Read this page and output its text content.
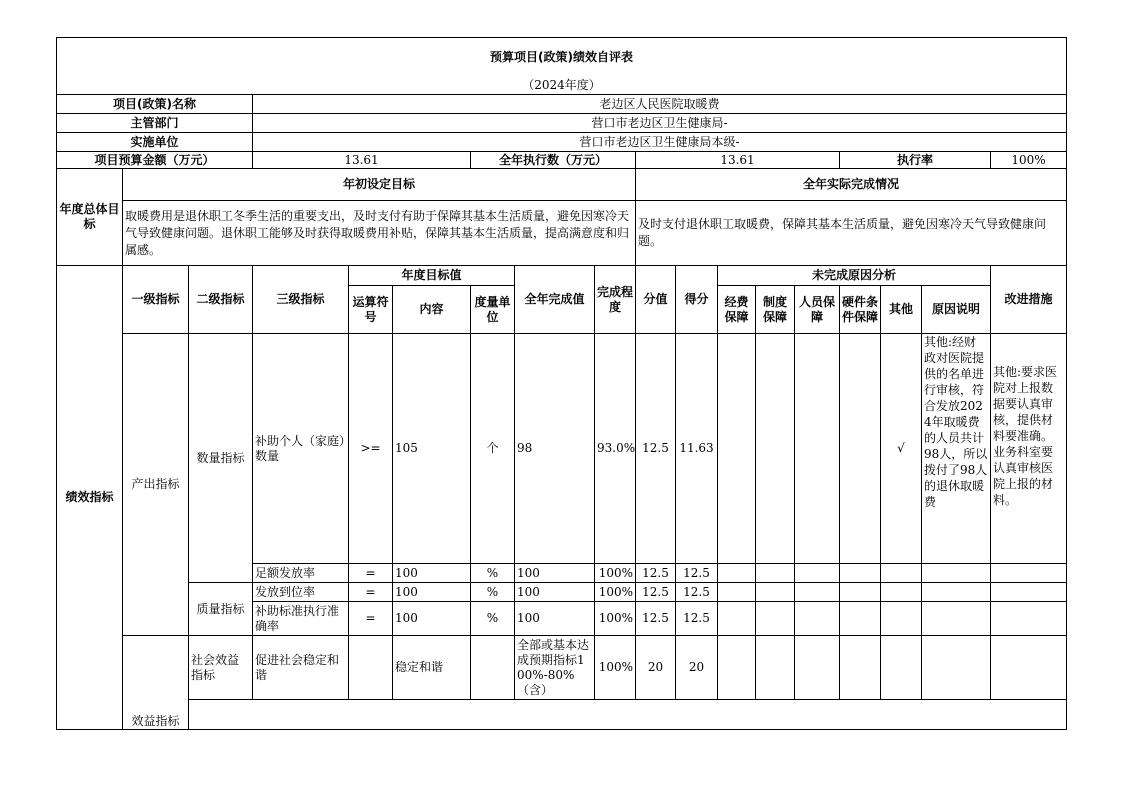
预算项目(政策)绩效自评表																	
（2024年度）																	
项目(政策)名称			老边区人民医院取暖费														
主管部门			营口市老边区卫生健康局-														
实施单位			营口市老边区卫生健康局本级-														
项目预算金额（万元）			13.61			全年执行数（万元）			13.61					执行率			100%
年度总体目标	年初设定目标								全年实际完成情况								
	取暖费用是退休职工冬季生活的重要支出，及时支付有助于保障其基本生活质量，避免因寒冷天气导致健康问题。退休职工能够及时获得取暖费用补贴，保障其基本生活质量，提高满意度和归属感。								及时支付退休职工取暖费，保障其基本生活质量，避免因寒冷天气导致健康问题。								
绩效指标	一级指标	二级指标	三级指标	年度目标值			全年完成值	完成程度	分值	得分	未完成原因分析						改进措施
				运算符号	内容	度量单位					经费保障	制度保障	人员保障	硬件条件保障	其他	原因说明	
	产出指标	数量指标	补助个人（家庭）数量	>=	105	个	98	93.0%	12.5	11.63					√	其他:经财政对医院提供的名单进行审核，符合发放2024年取暖费的人员共计98人，所以拨付了98人的退休取暖费	其他:要求医院对上报数据要认真审核，提供材料要准确。业务科室要认真审核医院上报的材料。
			足额发放率	=	100	%	100	100%	12.5	12.5							
		质量指标	发放到位率	=	100	%	100	100%	12.5	12.5							
			补助标准执行准确率	=	100	%	100	100%	12.5	12.5							
	效益指标	社会效益指标	促进社会稳定和谐		稳定和谐		全部或基本达成预期指标100%-80%（含）	100%	20	20							
